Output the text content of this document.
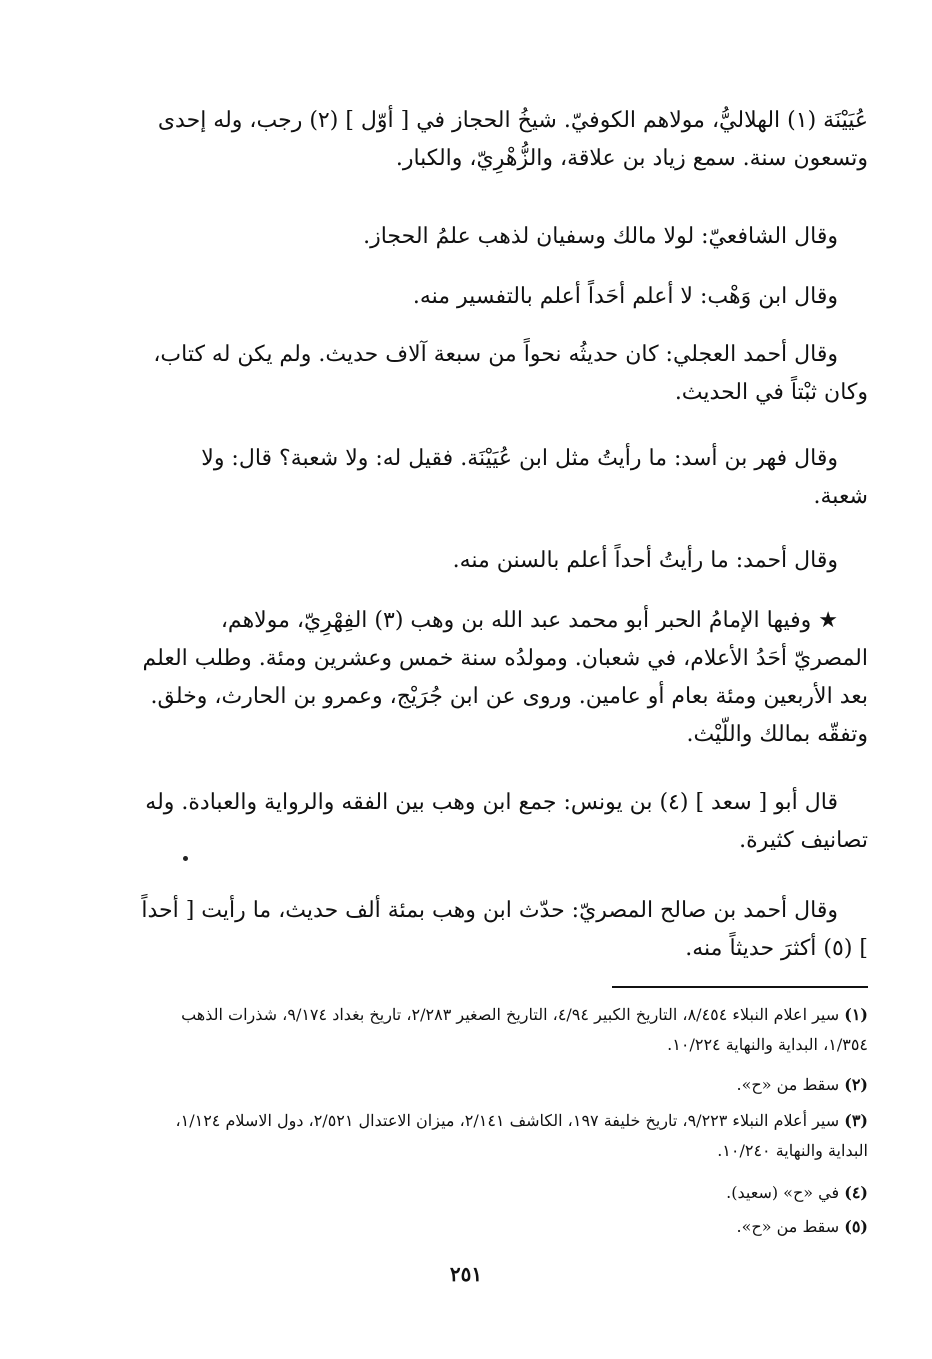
عُيَيْنَة (١) الهلاليُّ، مولاهم الكوفيّ. شيخُ الحجاز في [ أوّل ] (٢) رجب، وله إحدى وتسعون سنة. سمع زياد بن علاقة، والزُّهْرِيّ، والكبار.

وقال الشافعيّ: لولا مالك وسفيان لذهب علمُ الحجاز.

وقال ابن وَهْب: لا أعلم أحَداً أعلم بالتفسير منه.

وقال أحمد العجلي: كان حديثُه نحواً من سبعة آلاف حديث. ولم يكن له كتاب، وكان ثبْتاً في الحديث.

وقال فهر بن أسد: ما رأيتُ مثل ابن عُيَيْنَة. فقيل له: ولا شعبة؟ قال: ولا شعبة.

وقال أحمد: ما رأيتُ أحداً أعلم بالسنن منه.

★ وفيها الإمامُ الحبر أبو محمد عبد الله بن وهب (٣) الفِهْرِيّ، مولاهم، المصريّ أحَدُ الأعلام، في شعبان. ومولدُه سنة خمس وعشرين ومئة. وطلب العلم بعد الأربعين ومئة بعام أو عامين. وروى عن ابن جُرَيْج، وعمرو بن الحارث، وخلق. وتفقّه بمالك واللّيْث.

قال أبو [ سعد ] (٤) بن يونس: جمع ابن وهب بين الفقه والرواية والعبادة. وله تصانيف كثيرة.

وقال أحمد بن صالح المصريّ: حدّث ابن وهب بمئة ألف حديث، ما رأيت [ أحداً ] (٥) أكثرَ حديثاً منه.

(١) سير اعلام النبلاء ٨/٤٥٤، التاريخ الكبير ٤/٩٤، التاريخ الصغير ٢/٢٨٣، تاريخ بغداد ٩/١٧٤، شذرات الذهب ١/٣٥٤، البداية والنهاية ١٠/٢٢٤.
(٢) سقط من «ح».
(٣) سير أعلام النبلاء ٩/٢٢٣، تاريخ خليفة ١٩٧، الكاشف ٢/١٤١، ميزان الاعتدال ٢/٥٢١، دول الاسلام ١/١٢٤، البداية والنهاية ١٠/٢٤٠.
(٤) في «ح» (سعيد).
(٥) سقط من «ح».
٢٥١
